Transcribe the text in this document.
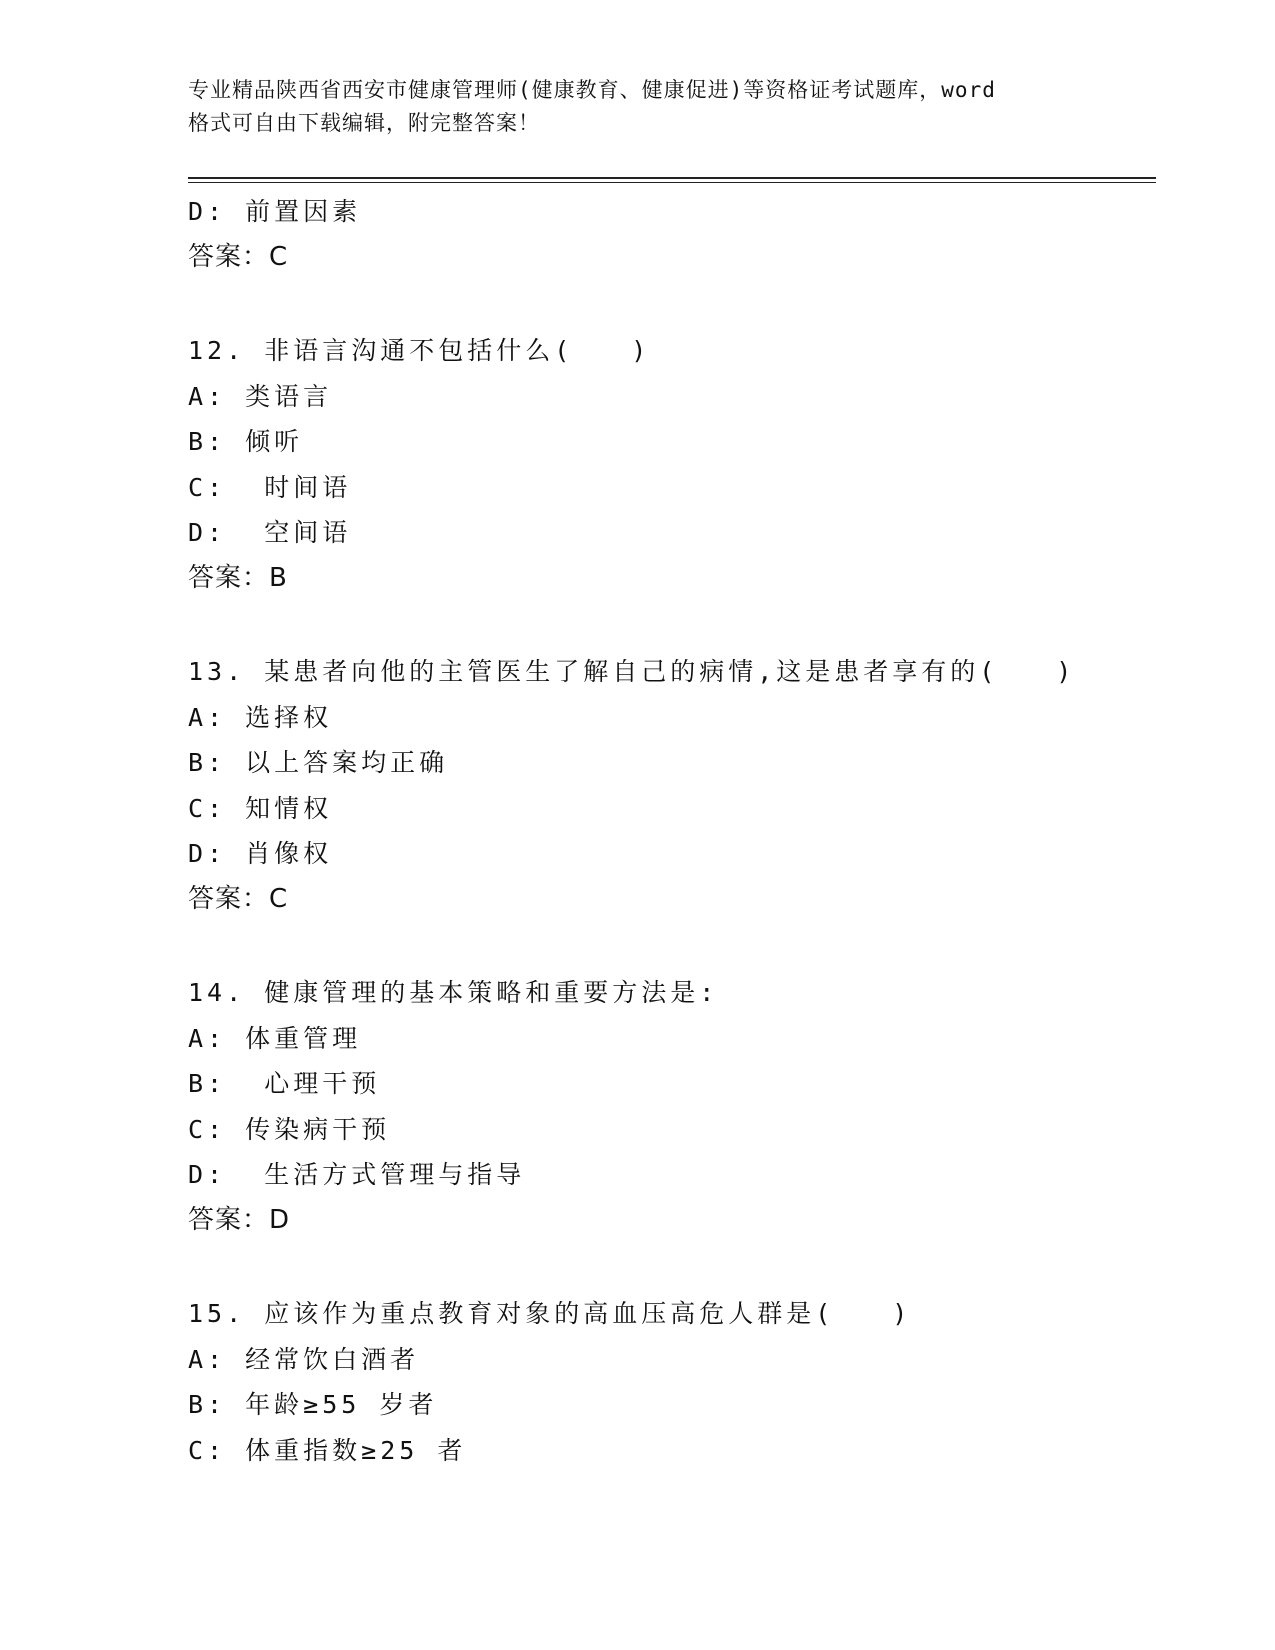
专业精品陕西省西安市健康管理师(健康教育、健康促进)等资格证考试题库，word
格式可自由下载编辑，附完整答案！
D: 前置因素
答案：C
12. 非语言沟通不包括什么(　　)
A: 类语言
B: 倾听
C:  时间语
D:  空间语
答案：B
13. 某患者向他的主管医生了解自己的病情,这是患者享有的(　　)
A: 选择权
B: 以上答案均正确
C: 知情权
D: 肖像权
答案：C
14. 健康管理的基本策略和重要方法是:
A: 体重管理
B:  心理干预
C: 传染病干预
D:  生活方式管理与指导
答案：D
15. 应该作为重点教育对象的高血压高危人群是(　　)
A: 经常饮白酒者
B: 年龄≥55 岁者
C: 体重指数≥25 者
